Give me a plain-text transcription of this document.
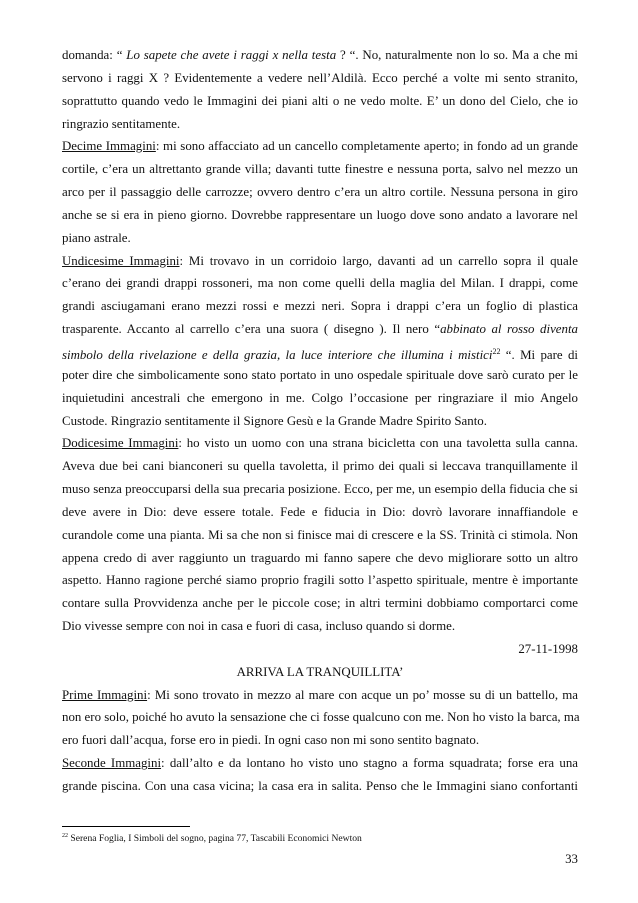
domanda: “ Lo sapete che avete i raggi x nella testa ? “. No, naturalmente non lo so. Ma a che mi
servono i raggi X ? Evidentemente a vedere nell’Aldilà. Ecco perché a volte mi sento stranito,
soprattutto quando vedo le Immagini dei piani alti o ne vedo molte. E’ un dono del Cielo, che io
ringrazio sentitamente.
Decime Immagini: mi sono affacciato ad un cancello completamente aperto; in fondo ad un grande
cortile, c’era un altrettanto grande villa; davanti tutte finestre e nessuna porta, salvo nel mezzo un
arco per il passaggio delle carrozze; ovvero dentro c’era un altro cortile. Nessuna persona in giro
anche se si era in pieno giorno. Dovrebbe rappresentare un luogo dove sono andato a lavorare nel
piano astrale.
Undicesime Immagini: Mi trovavo in un corridoio largo, davanti ad un carrello sopra il quale
c’erano dei grandi drappi rossoneri, ma non come quelli della maglia del Milan. I drappi, come
grandi asciugamani erano mezzi rossi e mezzi neri. Sopra i drappi c’era un foglio di plastica
trasparente. Accanto al carrello c’era una suora ( disegno ). Il nero “abbinato al rosso diventa
simbolo della rivelazione e della grazia, la luce interiore che illumina i mistici$^{22}$ “. Mi pare di
poter dire che simbolicamente sono stato portato in uno ospedale spirituale dove sarò curato per le
inquietudini ancestrali che emergono in me. Colgo l’occasione per ringraziare il mio Angelo
Custode. Ringrazio sentitamente il Signore Gesù e la Grande Madre Spirito Santo.
Dodicesime Immagini: ho visto un uomo con una strana bicicletta con una tavoletta sulla canna.
Aveva due bei cani bianconeri su quella tavoletta, il primo dei quali si leccava tranquillamente il
muso senza preoccuparsi della sua precaria posizione. Ecco, per me, un esempio della fiducia che si
deve avere in Dio: deve essere totale. Fede e fiducia in Dio: dovrò lavorare innaffiandole e
curandole come una pianta. Mi sa che non si finisce mai di crescere e la SS. Trinità ci stimola. Non
appena credo di aver raggiunto un traguardo mi fanno sapere che devo migliorare sotto un altro
aspetto. Hanno ragione perché siamo proprio fragili sotto l’aspetto spirituale, mentre è importante
contare sulla Provvidenza anche per le piccole cose; in altri termini dobbiamo comportarci come
Dio vivesse sempre con noi in casa e fuori di casa, incluso quando si dorme.
27-11-1998
ARRIVA LA TRANQUILLITA’
Prime Immagini: Mi sono trovato in mezzo al mare con acque un po’ mosse su di un battello, ma
non ero solo, poiché ho avuto la sensazione che ci fosse qualcuno con me. Non ho visto la barca, ma
ero fuori dall’acqua, forse ero in piedi. In ogni caso non mi sono sentito bagnato.
Seconde Immagini: dall’alto e da lontano ho visto uno stagno a forma squadrata; forse era una
grande piscina. Con una casa vicina; la casa era in salita. Penso che le Immagini siano confortanti
$^{22}$ Serena Foglia, I Simboli del sogno, pagina 77, Tascabili Economici Newton
33
